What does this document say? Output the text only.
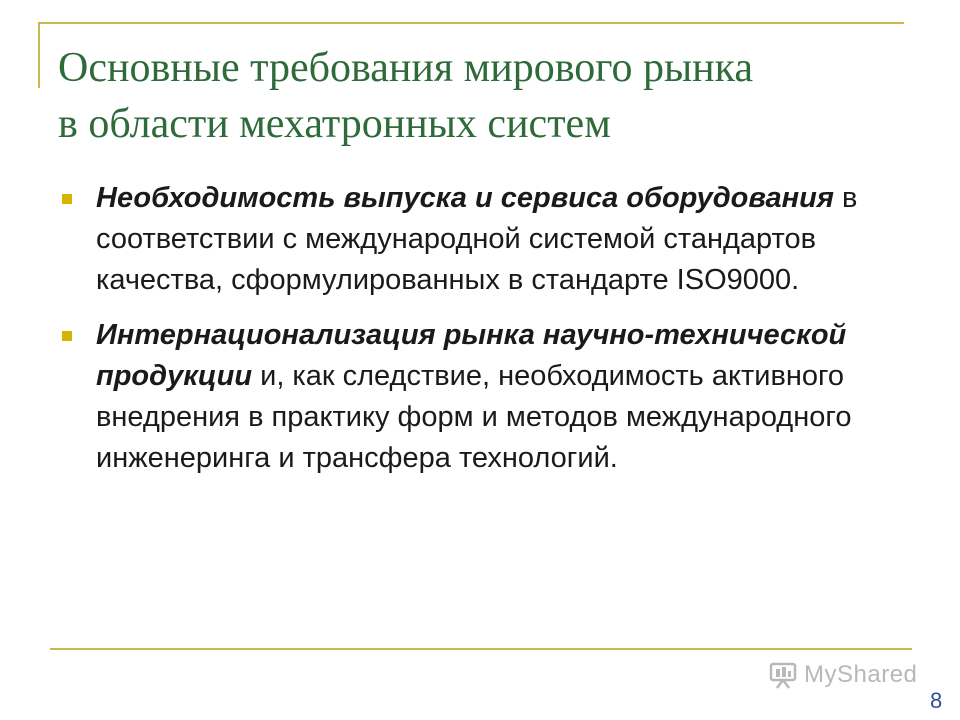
Основные требования мирового рынка
в области мехатронных систем
Необходимость выпуска и сервиса оборудования в соответствии с международной системой стандартов качества, сформулированных в стандарте ISO9000.
Интернационализация рынка научно-технической продукции и, как следствие, необходимость активного внедрения в практику форм и методов международного инженеринга и трансфера технологий.
MyShared
8
